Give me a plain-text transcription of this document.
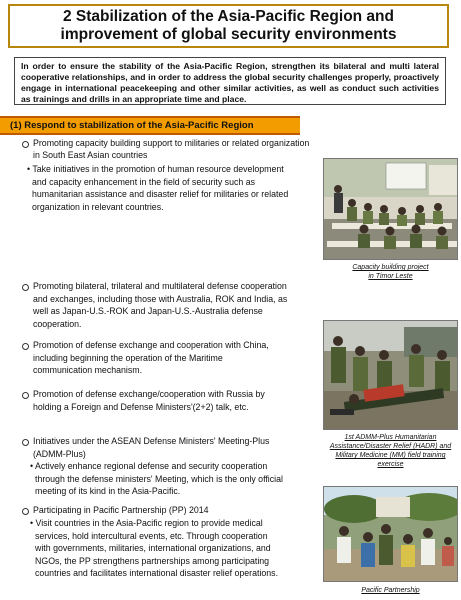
2 Stabilization of the Asia-Pacific Region and
improvement of global security environments
In order to ensure the stability of the Asia-Pacific Region, strengthen its bilateral and multi lateral cooperative relationships, and in order to address the global security challenges properly, proactively engage in international peacekeeping and other similar activities, as well as conduct such activities as trainings and drills in an appropriate time and place.
(1) Respond to stabilization of the Asia-Pacific Region
Promoting capacity building support to militaries or related organization
in South East Asian countries
• Take initiatives in the promotion of human resource development
and capacity enhancement in the field of security such as
humanitarian assistance and disaster relief for militaries or related
organization in relevant countries.
Promoting bilateral, trilateral and multilateral defense cooperation
and exchanges, including those with Australia, ROK and India, as
well as Japan-U.S.-ROK and Japan-U.S.-Australia defense
cooperation.
Promotion of defense exchange and cooperation with China,
including beginning the operation of the Maritime
communication mechanism.
Promotion of defense exchange/cooperation with Russia by
holding a Foreign and Defense Ministers'(2+2) talk, etc.
Initiatives under the ASEAN Defense Ministers' Meeting-Plus
(ADMM-Plus)
• Actively enhance regional defense and security cooperation
through the defense ministers' Meeting, which is the only official
meeting of its kind in the Asia-Pacific.
Participating in Pacific Partnership (PP) 2014
• Visit countries in the Asia-Pacific region to provide medical
services, hold intercultural events, etc. Through cooperation
with governments, militaries, international organizations, and
NGOs, the PP strengthens partnerships among participating
countries and facilitates international disaster relief operations.
Capacity building project
in Timor Leste
1st ADMM-Plus Humanitarian
Assistance/Disaster Relief (HADR) and
Military Medicine (MM) field training
exercise
Pacific Partnership
